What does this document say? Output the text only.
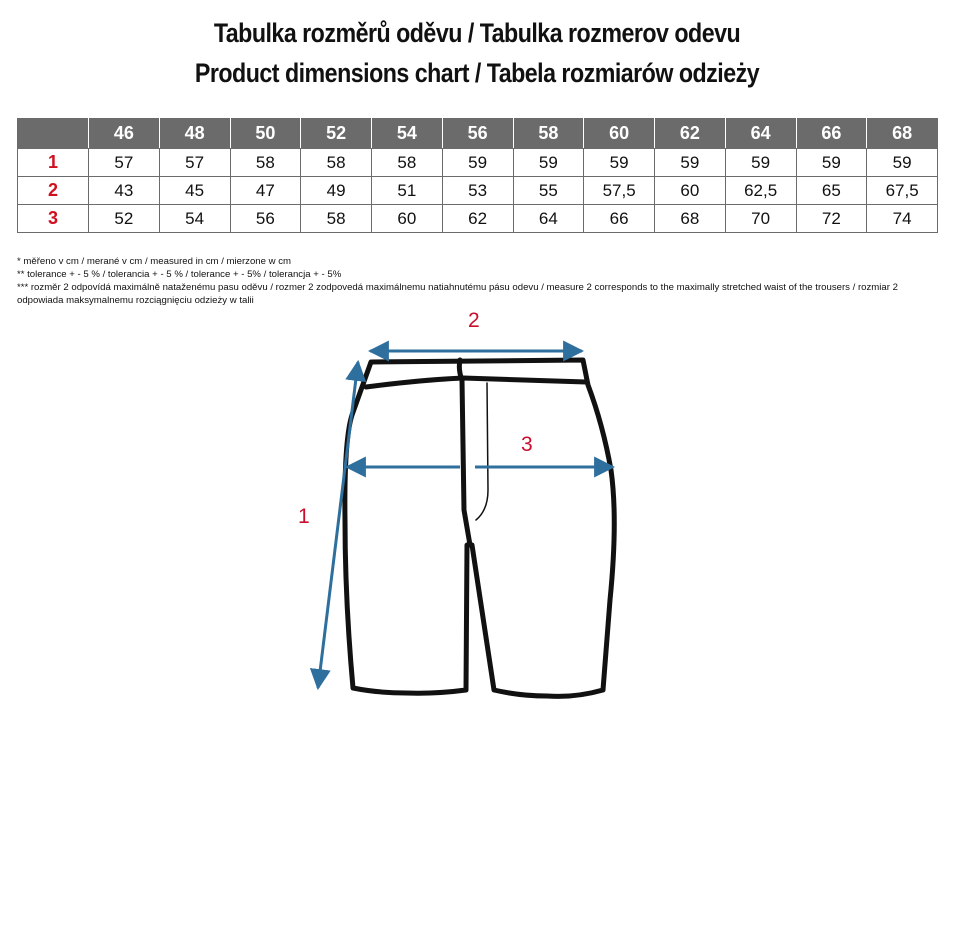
Tabulka rozměrů oděvu / Tabulka rozmerov odevu
Product dimensions chart / Tabela rozmiarów odzieży
	46	48	50	52	54	56	58	60	62	64	66	68
1	57	57	58	58	58	59	59	59	59	59	59	59
2	43	45	47	49	51	53	55	57,5	60	62,5	65	67,5
3	52	54	56	58	60	62	64	66	68	70	72	74
* měřeno v cm / merané v cm / measured in cm / mierzone w cm
** tolerance + - 5 % / tolerancia + - 5 % / tolerance + - 5% / tolerancja + - 5%
*** rozměr 2 odpovídá maximálně nataženému pasu oděvu / rozmer 2 zodpovedá maximálnemu natiahnutému pásu odevu / measure 2 corresponds to the maximally stretched waist of the trousers / rozmiar 2 odpowiada maksymalnemu rozciągnięciu odzieży w talii
1
2
3
